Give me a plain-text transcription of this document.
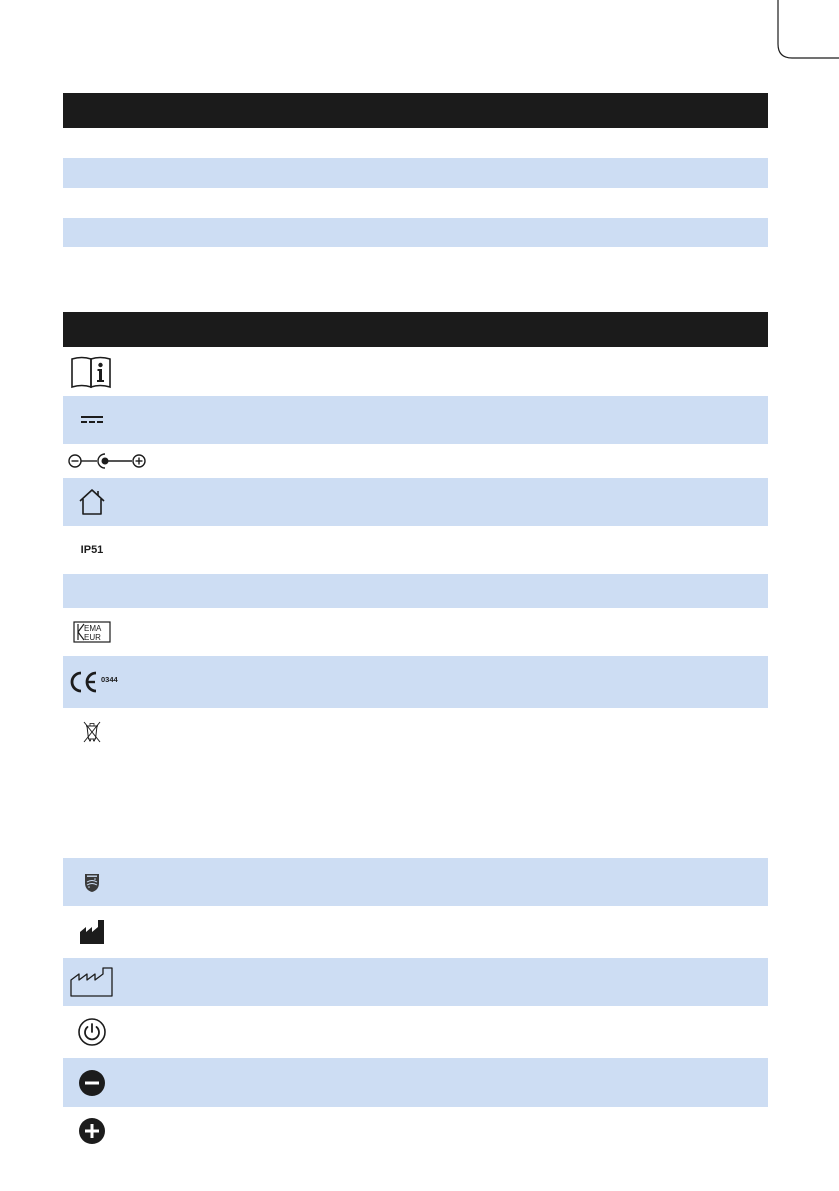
IP51
EMA
EUR
0344
